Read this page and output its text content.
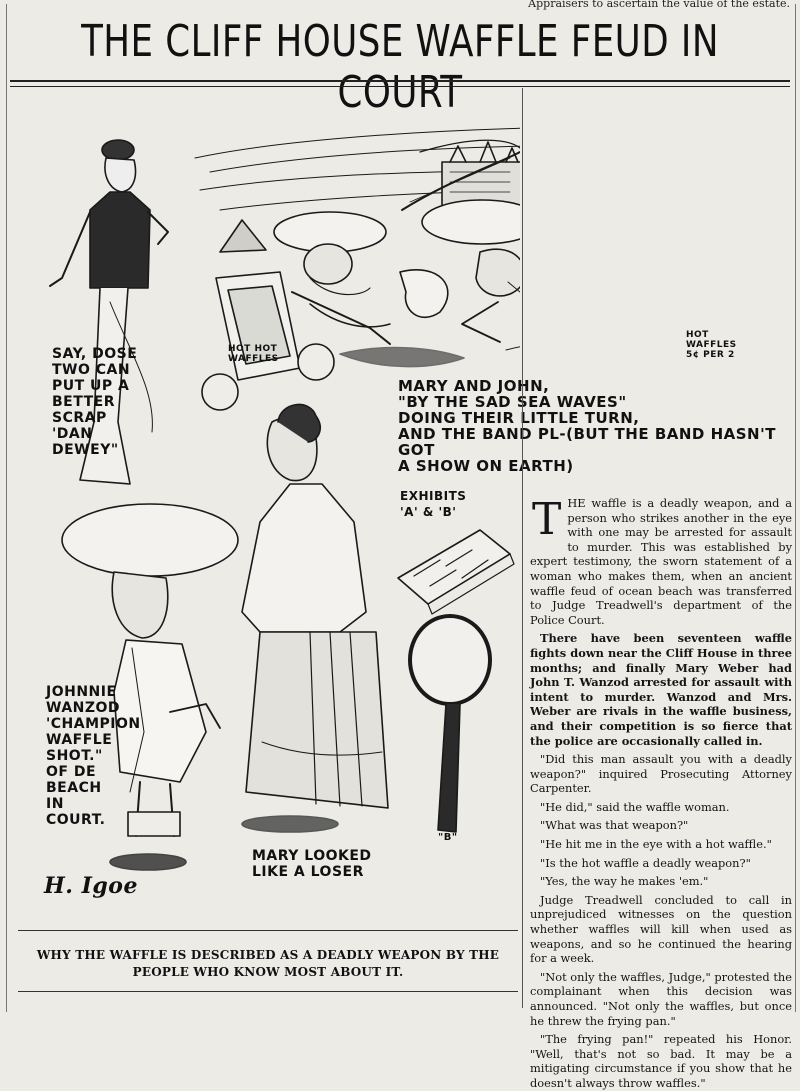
Appraisers to ascertain the value of the estate.
THE CLIFF HOUSE WAFFLE FEUD IN COURT
SAY, DOSE
TWO CAN
PUT UP A
BETTER
SCRAP
'DAN
DEWEY"
MARY AND JOHN,
"BY THE SAD SEA WAVES"
DOING THEIR LITTLE TURN,
AND THE BAND PL-(BUT THE BAND HASN'T GOT
A SHOW ON EARTH)
JOHNNIE
WANZOD
'CHAMPION
WAFFLE
SHOT."
OF DE
BEACH
IN
COURT.
MARY LOOKED
LIKE A LOSER
EXHIBITS
'A' & 'B'
"B"
HOT HOT
WAFFLES
HOT
WAFFLES
5¢ PER 2
H. Igoe
WHY THE WAFFLE IS DESCRIBED AS A DEADLY WEAPON BY THE PEOPLE WHO KNOW MOST ABOUT IT.

THE waffle is a deadly weapon, and a person who strikes another in the eye with one may be arrested for assault to murder. This was established by expert testimony, the sworn statement of a woman who makes them, when an ancient waffle feud of ocean beach was transferred to Judge Treadwell's department of the Police Court.

There have been seventeen waffle fights down near the Cliff House in three months; and finally Mary Weber had John T. Wanzod arrested for assault with intent to murder. Wanzod and Mrs. Weber are rivals in the waffle business, and their competition is so fierce that the police are occasionally called in.

"Did this man assault you with a deadly weapon?" inquired Prosecuting Attorney Carpenter.

"He did," said the waffle woman.

"What was that weapon?"

"He hit me in the eye with a hot waffle."

"Is the hot waffle a deadly weapon?"

"Yes, the way he makes 'em."

Judge Treadwell concluded to call in unprejudiced witnesses on the question whether waffles will kill when used as weapons, and so he continued the hearing for a week.

"Not only the waffles, Judge," protested the complainant when this decision was announced. "Not only the waffles, but once he threw the frying pan."

"The frying pan!" repeated his Honor. "Well, that's not so bad. It may be a mitigating circumstance if you show that he doesn't always throw waffles."
